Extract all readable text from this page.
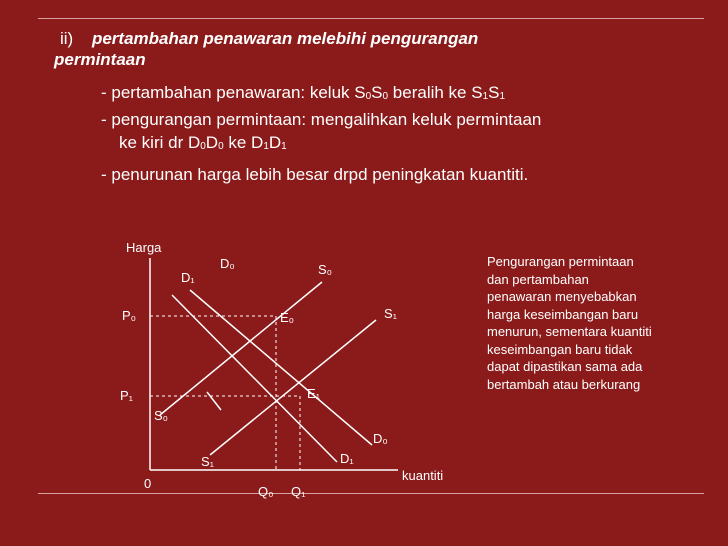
ii) pertambahan penawaran melebihi pengurangan
permintaan
- pertambahan penawaran: keluk $S_0S_0$ beralih ke $S_1S_1$
- pengurangan permintaan: mengalihkan keluk permintaan
ke kiri dr $D_0D_0$ ke $D_1D_1$
- penurunan harga lebih besar drpd peningkatan kuantiti.
Harga
kuantiti
0
P₀
P₁
Q₀ Q₁
D₀
D₁
S₀
S₁
E₀
E₁
S₀
S₁
D₀
D₁

Pengurangan permintaan

dan pertambahan

penawaran menyebabkan

harga keseimbangan baru

menurun, sementara kuantiti

keseimbangan baru tidak

dapat dipastikan sama ada

bertambah atau berkurang
